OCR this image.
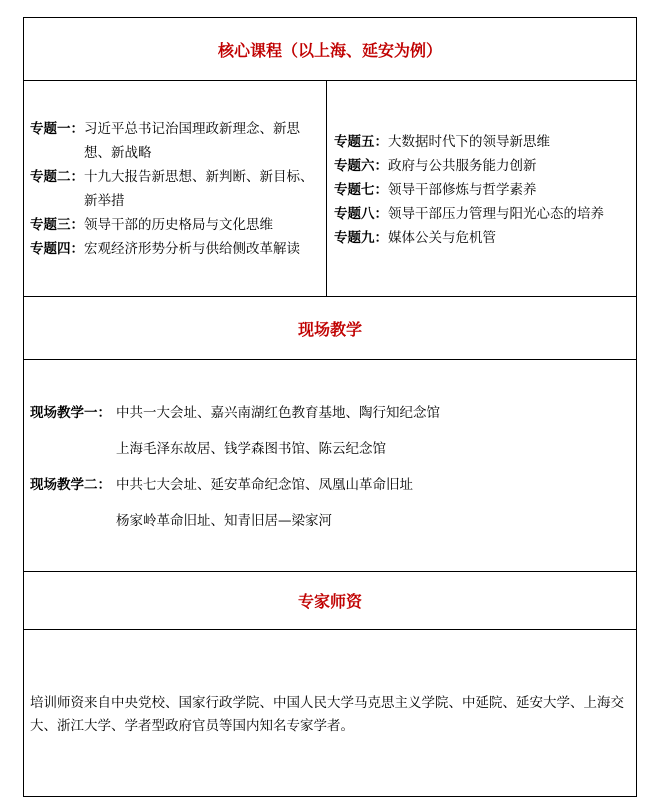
核心课程（以上海、延安为例）
专题一： 习近平总书记治国理政新理念、新思想、新战略
专题二： 十九大报告新思想、新判断、新目标、新举措
专题三： 领导干部的历史格局与文化思维
专题四： 宏观经济形势分析与供给侧改革解读
专题五： 大数据时代下的领导新思维
专题六： 政府与公共服务能力创新
专题七： 领导干部修炼与哲学素养
专题八： 领导干部压力管理与阳光心态的培养
专题九： 媒体公关与危机管
现场教学
现场教学一： 中共一大会址、嘉兴南湖红色教育基地、陶行知纪念馆
上海毛泽东故居、钱学森图书馆、陈云纪念馆
现场教学二： 中共七大会址、延安革命纪念馆、凤凰山革命旧址
杨家岭革命旧址、知青旧居—梁家河
专家师资
培训师资来自中央党校、国家行政学院、中国人民大学马克思主义学院、中延院、延安大学、上海交大、浙江大学、学者型政府官员等国内知名专家学者。
